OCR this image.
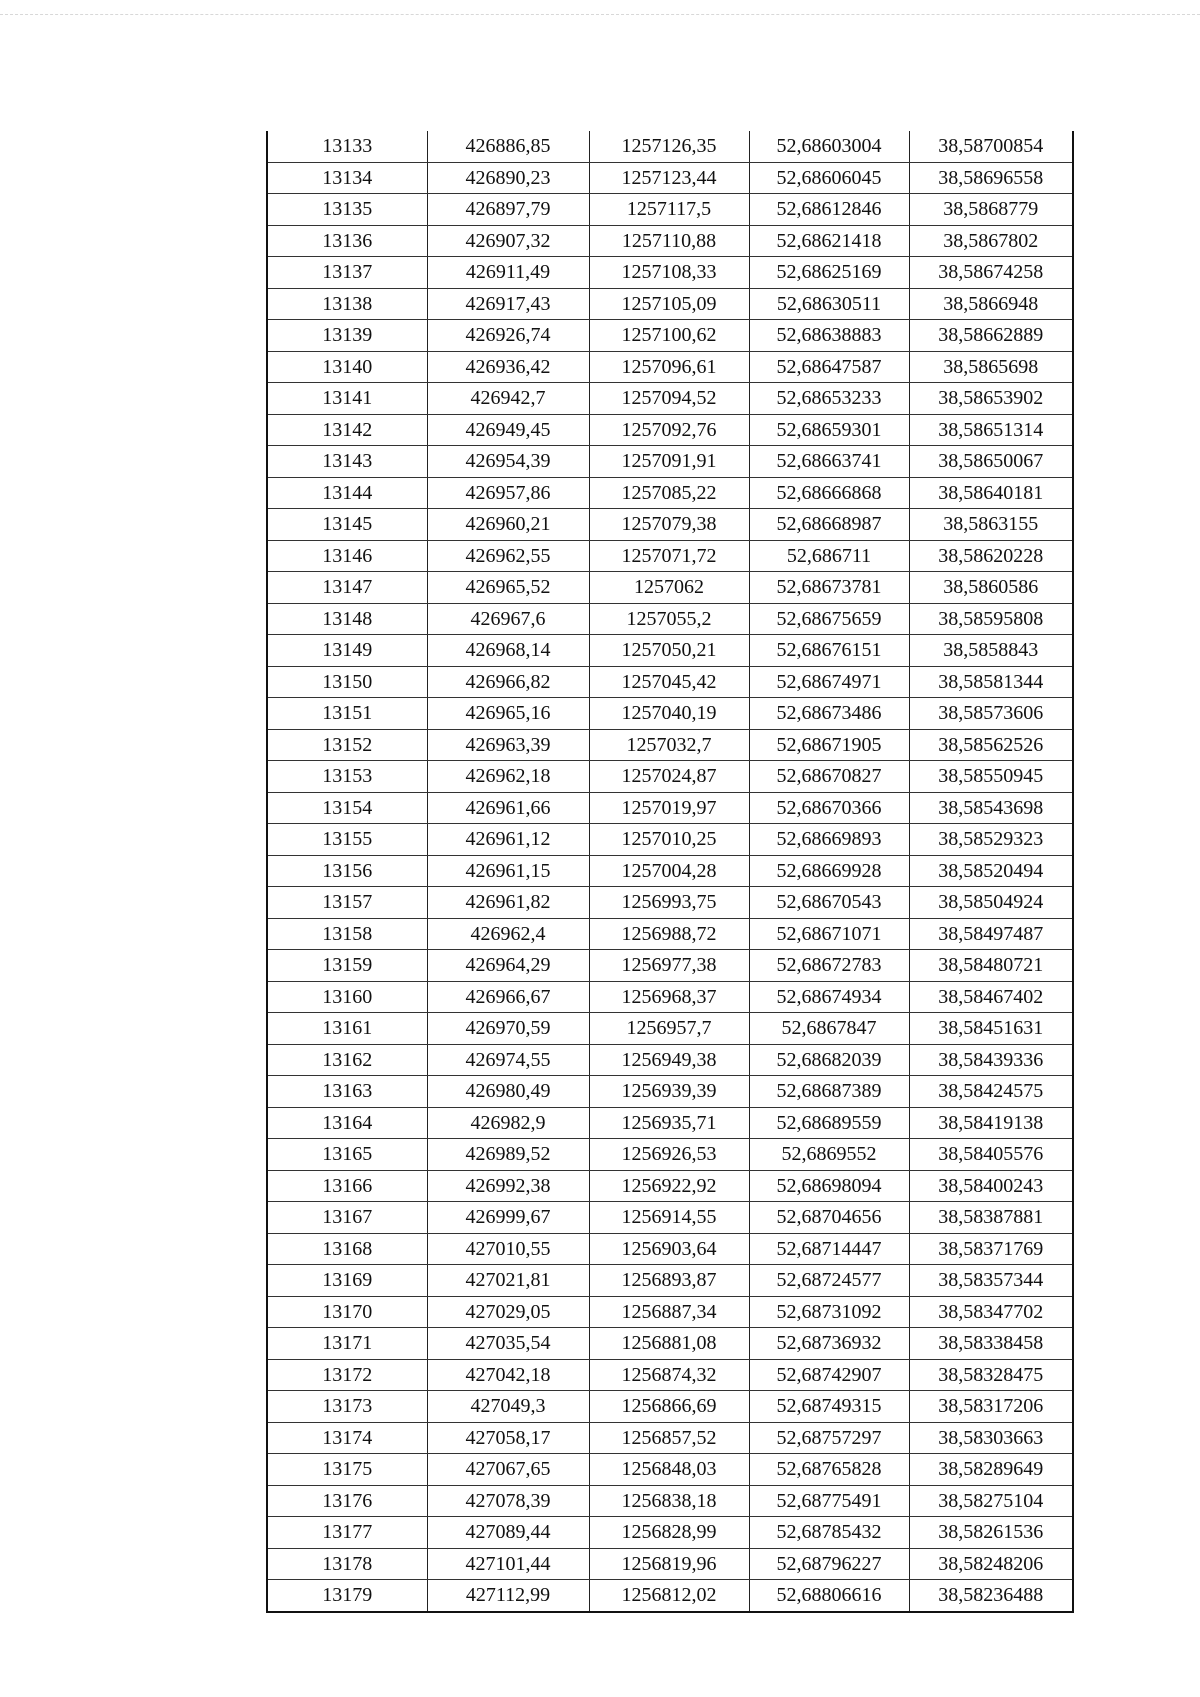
13133	426886,85	1257126,35	52,68603004	38,58700854
13134	426890,23	1257123,44	52,68606045	38,58696558
13135	426897,79	1257117,5	52,68612846	38,5868779
13136	426907,32	1257110,88	52,68621418	38,5867802
13137	426911,49	1257108,33	52,68625169	38,58674258
13138	426917,43	1257105,09	52,68630511	38,5866948
13139	426926,74	1257100,62	52,68638883	38,58662889
13140	426936,42	1257096,61	52,68647587	38,5865698
13141	426942,7	1257094,52	52,68653233	38,58653902
13142	426949,45	1257092,76	52,68659301	38,58651314
13143	426954,39	1257091,91	52,68663741	38,58650067
13144	426957,86	1257085,22	52,68666868	38,58640181
13145	426960,21	1257079,38	52,68668987	38,5863155
13146	426962,55	1257071,72	52,686711	38,58620228
13147	426965,52	1257062	52,68673781	38,5860586
13148	426967,6	1257055,2	52,68675659	38,58595808
13149	426968,14	1257050,21	52,68676151	38,5858843
13150	426966,82	1257045,42	52,68674971	38,58581344
13151	426965,16	1257040,19	52,68673486	38,58573606
13152	426963,39	1257032,7	52,68671905	38,58562526
13153	426962,18	1257024,87	52,68670827	38,58550945
13154	426961,66	1257019,97	52,68670366	38,58543698
13155	426961,12	1257010,25	52,68669893	38,58529323
13156	426961,15	1257004,28	52,68669928	38,58520494
13157	426961,82	1256993,75	52,68670543	38,58504924
13158	426962,4	1256988,72	52,68671071	38,58497487
13159	426964,29	1256977,38	52,68672783	38,58480721
13160	426966,67	1256968,37	52,68674934	38,58467402
13161	426970,59	1256957,7	52,6867847	38,58451631
13162	426974,55	1256949,38	52,68682039	38,58439336
13163	426980,49	1256939,39	52,68687389	38,58424575
13164	426982,9	1256935,71	52,68689559	38,58419138
13165	426989,52	1256926,53	52,6869552	38,58405576
13166	426992,38	1256922,92	52,68698094	38,58400243
13167	426999,67	1256914,55	52,68704656	38,58387881
13168	427010,55	1256903,64	52,68714447	38,58371769
13169	427021,81	1256893,87	52,68724577	38,58357344
13170	427029,05	1256887,34	52,68731092	38,58347702
13171	427035,54	1256881,08	52,68736932	38,58338458
13172	427042,18	1256874,32	52,68742907	38,58328475
13173	427049,3	1256866,69	52,68749315	38,58317206
13174	427058,17	1256857,52	52,68757297	38,58303663
13175	427067,65	1256848,03	52,68765828	38,58289649
13176	427078,39	1256838,18	52,68775491	38,58275104
13177	427089,44	1256828,99	52,68785432	38,58261536
13178	427101,44	1256819,96	52,68796227	38,58248206
13179	427112,99	1256812,02	52,68806616	38,58236488
